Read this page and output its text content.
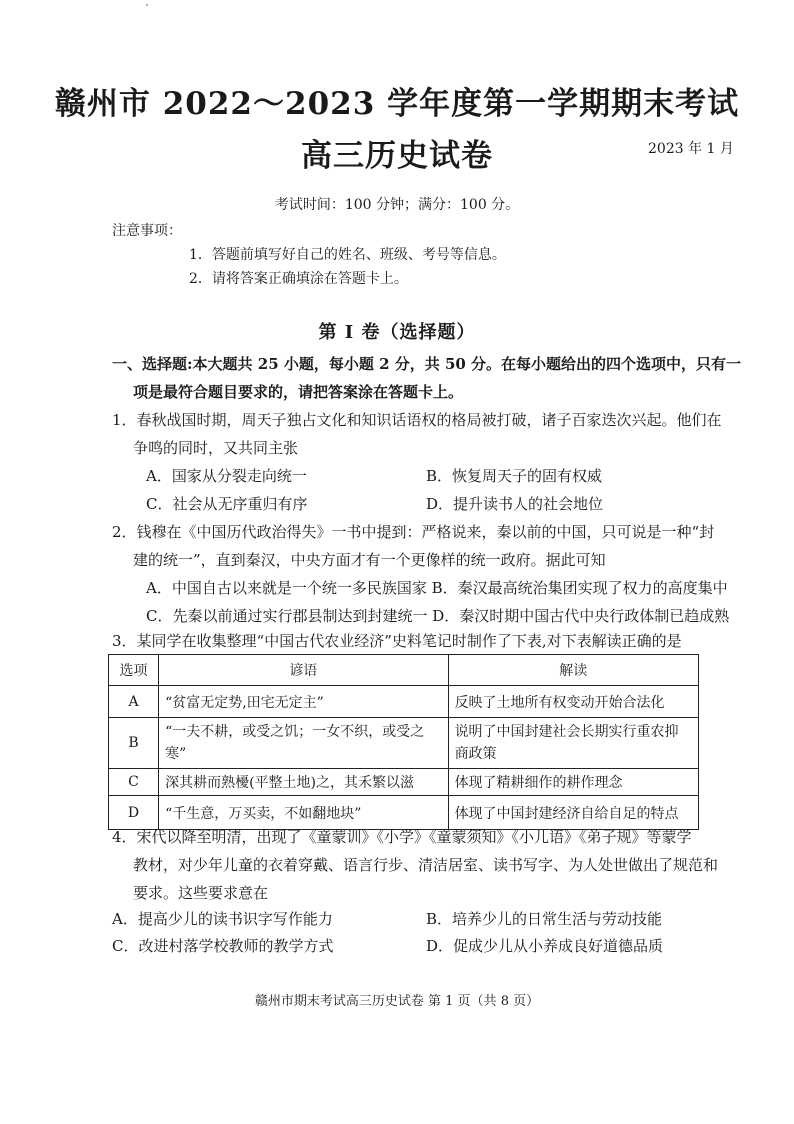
赣州市 2022～2023 学年度第一学期期末考试
高三历史试卷	2023 年 1 月
考试时间：100 分钟；满分：100 分。
注意事项：
1．答题前填写好自己的姓名、班级、考号等信息。
2．请将答案正确填涂在答题卡上。
第 I 卷（选择题）
一、选择题:本大题共 25 小题，每小题 2 分，共 50 分。在每小题给出的四个选项中，只有一
项是最符合题目要求的，请把答案涂在答题卡上。
1．春秋战国时期，周天子独占文化和知识话语权的格局被打破，诸子百家迭次兴起。他们在
争鸣的同时，又共同主张
A．国家从分裂走向统一	B．恢复周天子的固有权威
C．社会从无序重归有序	D．提升读书人的社会地位
2．钱穆在《中国历代政治得失》一书中提到：严格说来，秦以前的中国，只可说是一种“封
建的统一”，直到秦汉，中央方面才有一个更像样的统一政府。据此可知
A．中国自古以来就是一个统一多民族国家 B．秦汉最高统治集团实现了权力的高度集中
C．先秦以前通过实行郡县制达到封建统一 D．秦汉时期中国古代中央行政体制已趋成熟
3．某同学在收集整理“中国古代农业经济”史料笔记时制作了下表,对下表解读正确的是
选项	谚语	解读
A	“贫富无定势,田宅无定主”	反映了土地所有权变动开始合法化
B	“一夫不耕，或受之饥；一女不织，或受之寒”	说明了中国封建社会长期实行重农抑商政策
C	深其耕而熟櫌(平整土地)之，其禾繁以滋	体现了精耕细作的耕作理念
D	“千生意，万买卖，不如翻地块”	体现了中国封建经济自给自足的特点
4．宋代以降至明清，出现了《童蒙训》《小学》《童蒙须知》《小儿语》《弟子规》等蒙学
教材，对少年儿童的衣着穿戴、语言行步、清洁居室、读书写字、为人处世做出了规范和
要求。这些要求意在
A．提高少儿的读书识字写作能力	B．培养少儿的日常生活与劳动技能
C．改进村落学校教师的教学方式	D．促成少儿从小养成良好道德品质
赣州市期末考试高三历史试卷 第 1 页（共 8 页）
